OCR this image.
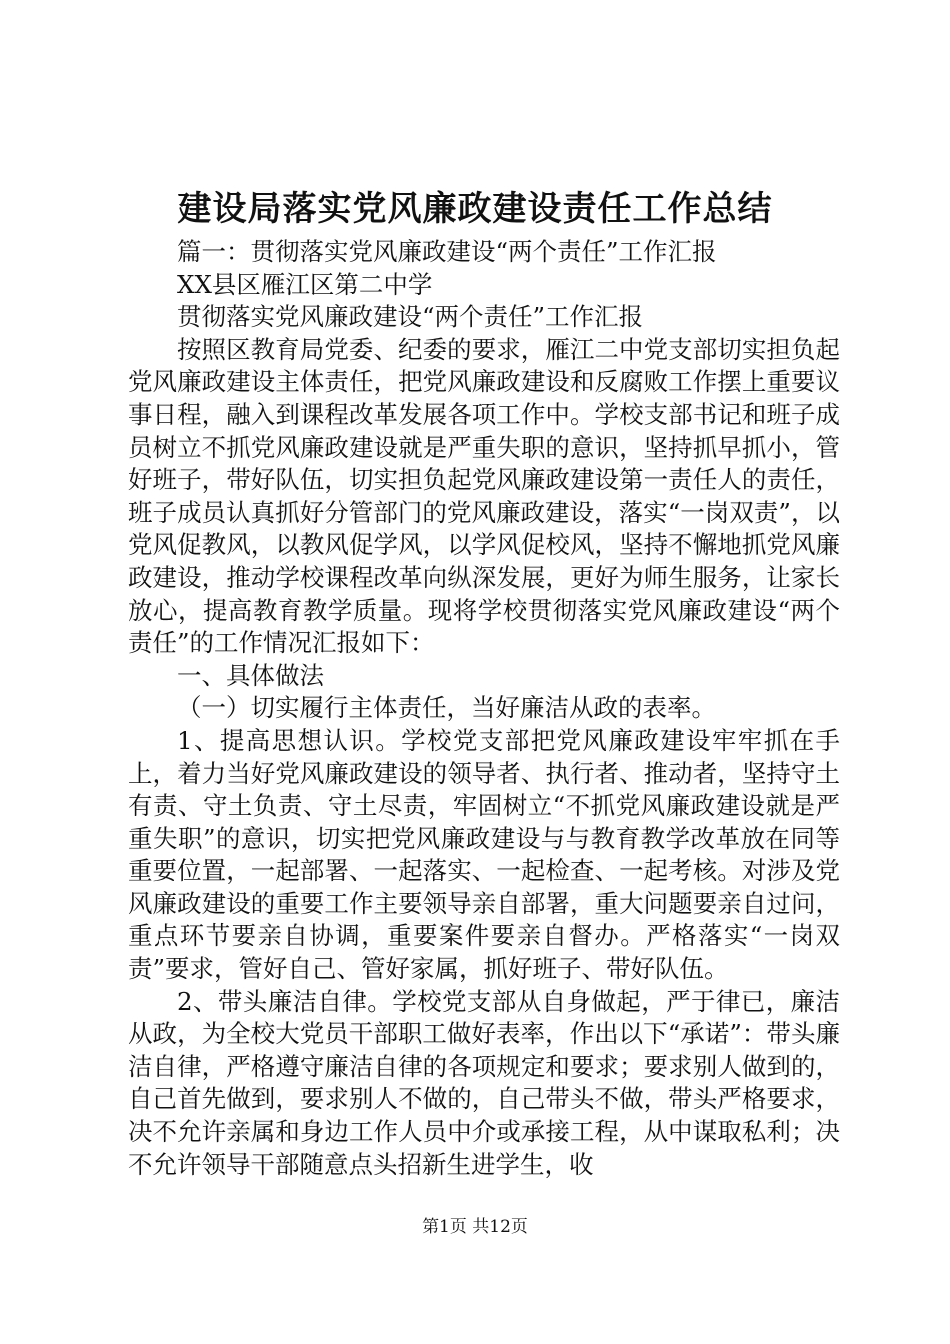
建设局落实党风廉政建设责任工作总结

篇一：贯彻落实党风廉政建设“两个责任”工作汇报

XX县区雁江区第二中学

贯彻落实党风廉政建设“两个责任”工作汇报

按照区教育局党委、纪委的要求，雁江二中党支部切实担负起党风廉政建设主体责任，把党风廉政建设和反腐败工作摆上重要议事日程，融入到课程改革发展各项工作中。学校支部书记和班子成员树立不抓党风廉政建设就是严重失职的意识，坚持抓早抓小，管好班子，带好队伍，切实担负起党风廉政建设第一责任人的责任，班子成员认真抓好分管部门的党风廉政建设，落实“一岗双责”，以党风促教风，以教风促学风，以学风促校风，坚持不懈地抓党风廉政建设，推动学校课程改革向纵深发展，更好为师生服务，让家长放心，提高教育教学质量。现将学校贯彻落实党风廉政建设“两个责任”的工作情况汇报如下：

一、具体做法

（一）切实履行主体责任，当好廉洁从政的表率。

1、提高思想认识。学校党支部把党风廉政建设牢牢抓在手上，着力当好党风廉政建设的领导者、执行者、推动者，坚持守土有责、守土负责、守土尽责，牢固树立“不抓党风廉政建设就是严重失职”的意识，切实把党风廉政建设与与教育教学改革放在同等重要位置，一起部署、一起落实、一起检查、一起考核。对涉及党风廉政建设的重要工作主要领导亲自部署，重大问题要亲自过问，重点环节要亲自协调，重要案件要亲自督办。严格落实“一岗双责”要求，管好自己、管好家属，抓好班子、带好队伍。

2、带头廉洁自律。学校党支部从自身做起，严于律已，廉洁从政，为全校大党员干部职工做好表率，作出以下“承诺”：带头廉洁自律，严格遵守廉洁自律的各项规定和要求；要求别人做到的，自己首先做到，要求别人不做的，自己带头不做，带头严格要求，决不允许亲属和身边工作人员中介或承接工程，从中谋取私利；决不允许领导干部随意点头招新生进学生，收

第1页 共12页
